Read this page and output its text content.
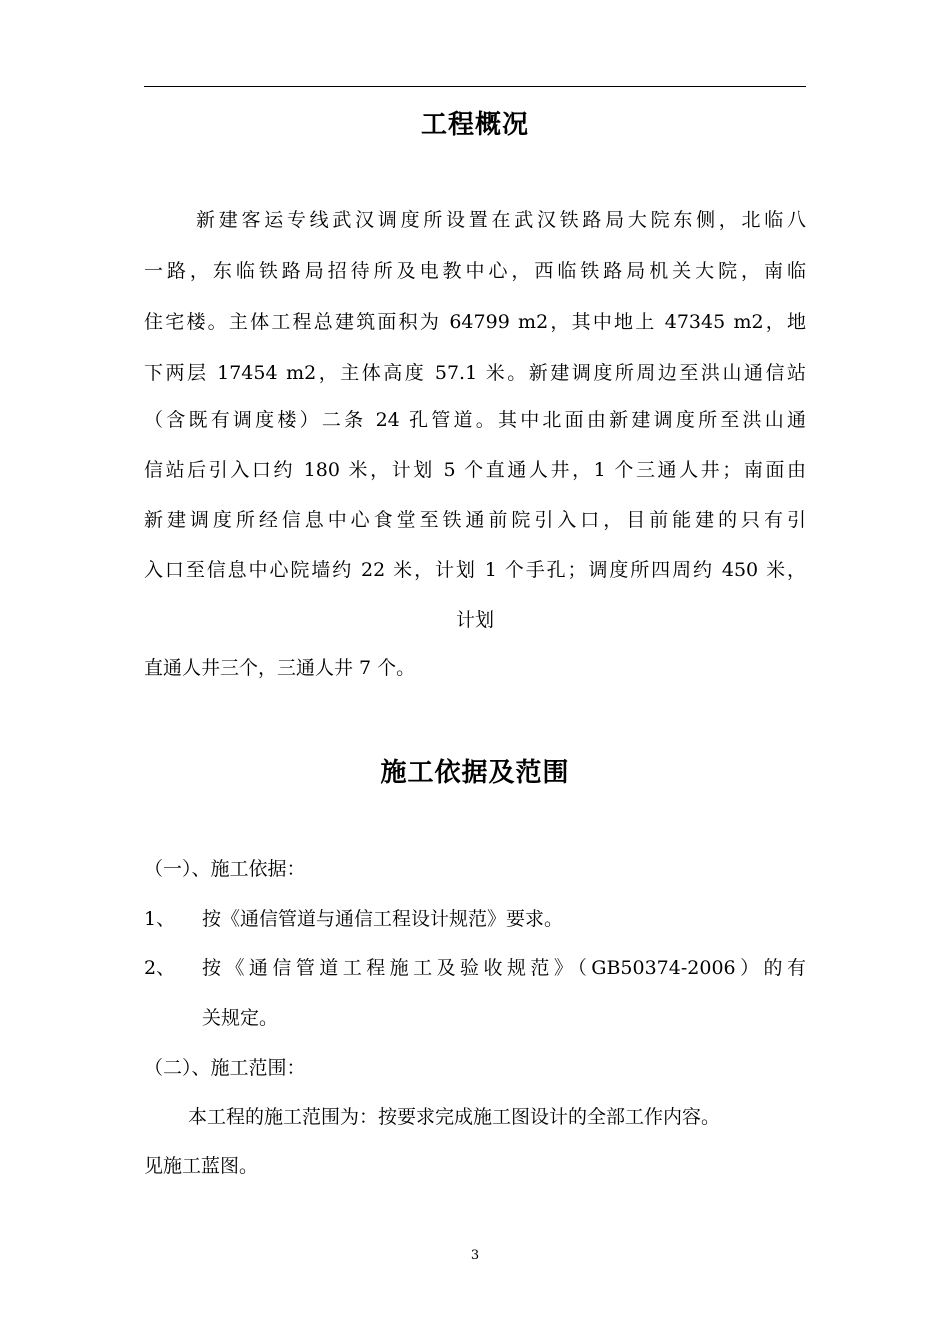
工程概况
新建客运专线武汉调度所设置在武汉铁路局大院东侧，北临八
一路，东临铁路局招待所及电教中心，西临铁路局机关大院，南临
住宅楼。主体工程总建筑面积为 64799 m2，其中地上 47345 m2，地
下两层 17454 m2，主体高度 57.1 米。新建调度所周边至洪山通信站
（含既有调度楼）二条 24 孔管道。其中北面由新建调度所至洪山通
信站后引入口约 180 米，计划 5 个直通人井，1 个三通人井；南面由
新建调度所经信息中心食堂至铁通前院引入口，目前能建的只有引
入口至信息中心院墙约 22 米，计划 1 个手孔；调度所四周约 450 米，
计划
直通人井三个，三通人井 7 个。
施工依据及范围
（一）、施工依据：
1、	按《通信管道与通信工程设计规范》要求。
2、	按《通信管道工程施工及验收规范》（GB50374-2006）的有
关规定。
（二）、施工范围：
本工程的施工范围为：按要求完成施工图设计的全部工作内容。
见施工蓝图。
3
